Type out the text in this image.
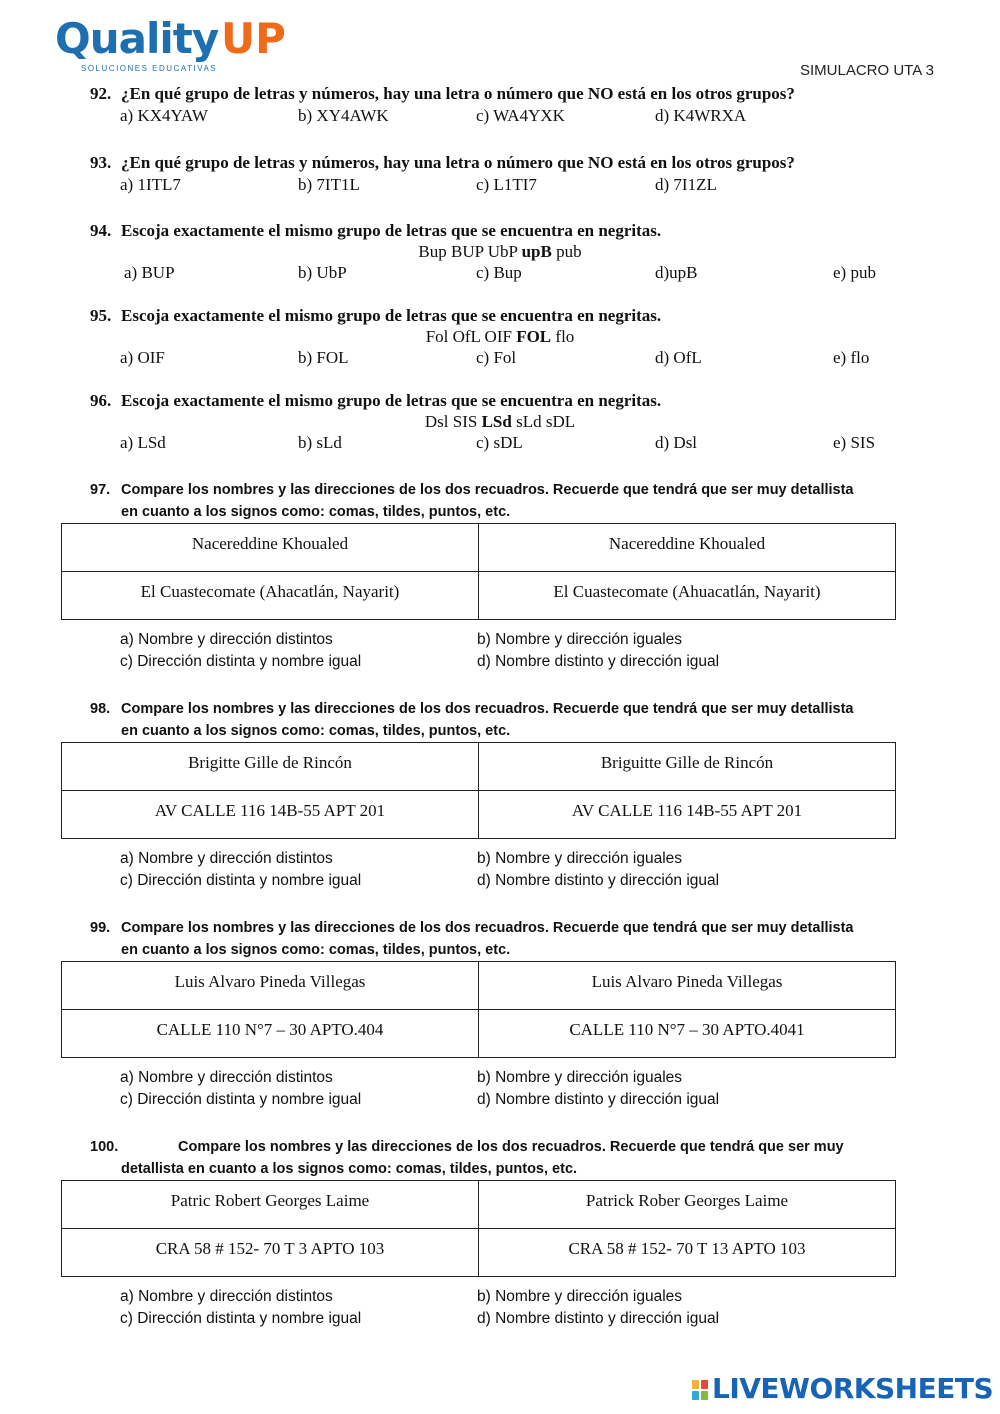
Quality UP
SOLUCIONES EDUCATIVAS	SIMULACRO UTA 3
92. ¿En qué grupo de letras y números, hay una letra o número que NO está en los otros grupos?
a) KX4YAW	b) XY4AWK	c) WA4YXK	d) K4WRXA
93. ¿En qué grupo de letras y números, hay una letra o número que NO está en los otros grupos?
a) 1ITL7	b) 7IT1L	c) L1TI7	d) 7I1ZL
94. Escoja exactamente el mismo grupo de letras que se encuentra en negritas.
Bup BUP UbP upB pub
a) BUP	b) UbP	c) Bup	d)upB	e) pub
95. Escoja exactamente el mismo grupo de letras que se encuentra en negritas.
Fol OfL OIF FOL flo
a) OIF	b) FOL	c) Fol	d) OfL	e) flo
96. Escoja exactamente el mismo grupo de letras que se encuentra en negritas.
Dsl SIS LSd sLd sDL
a) LSd	b) sLd	c) sDL	d) Dsl	e) SIS
97. Compare los nombres y las direcciones de los dos recuadros. Recuerde que tendrá que ser muy detallista
en cuanto a los signos como: comas, tildes, puntos, etc.
Nacereddine Khoualed	Nacereddine Khoualed
El Cuastecomate (Ahacatlán, Nayarit)	El Cuastecomate (Ahuacatlán, Nayarit)
a) Nombre y dirección distintos	b) Nombre y dirección iguales
c) Dirección distinta y nombre igual	d) Nombre distinto y dirección igual
98. Compare los nombres y las direcciones de los dos recuadros. Recuerde que tendrá que ser muy detallista
en cuanto a los signos como: comas, tildes, puntos, etc.
Brigitte Gille de Rincón	Briguitte Gille de Rincón
AV CALLE 116 14B-55 APT 201	AV CALLE 116 14B-55 APT 201
a) Nombre y dirección distintos	b) Nombre y dirección iguales
c) Dirección distinta y nombre igual	d) Nombre distinto y dirección igual
99. Compare los nombres y las direcciones de los dos recuadros. Recuerde que tendrá que ser muy detallista
en cuanto a los signos como: comas, tildes, puntos, etc.
Luis Alvaro Pineda Villegas	Luis Alvaro Pineda Villegas
CALLE 110 N°7 – 30 APTO.404	CALLE 110 N°7 – 30 APTO.4041
a) Nombre y dirección distintos	b) Nombre y dirección iguales
c) Dirección distinta y nombre igual	d) Nombre distinto y dirección igual
100.	Compare los nombres y las direcciones de los dos recuadros. Recuerde que tendrá que ser muy
detallista en cuanto a los signos como: comas, tildes, puntos, etc.
Patric Robert Georges Laime	Patrick Rober Georges Laime
CRA 58 # 152- 70 T 3 APTO 103	CRA 58 # 152- 70 T 13 APTO 103
a) Nombre y dirección distintos	b) Nombre y dirección iguales
c) Dirección distinta y nombre igual	d) Nombre distinto y dirección igual
LIVEWORKSHEETS
